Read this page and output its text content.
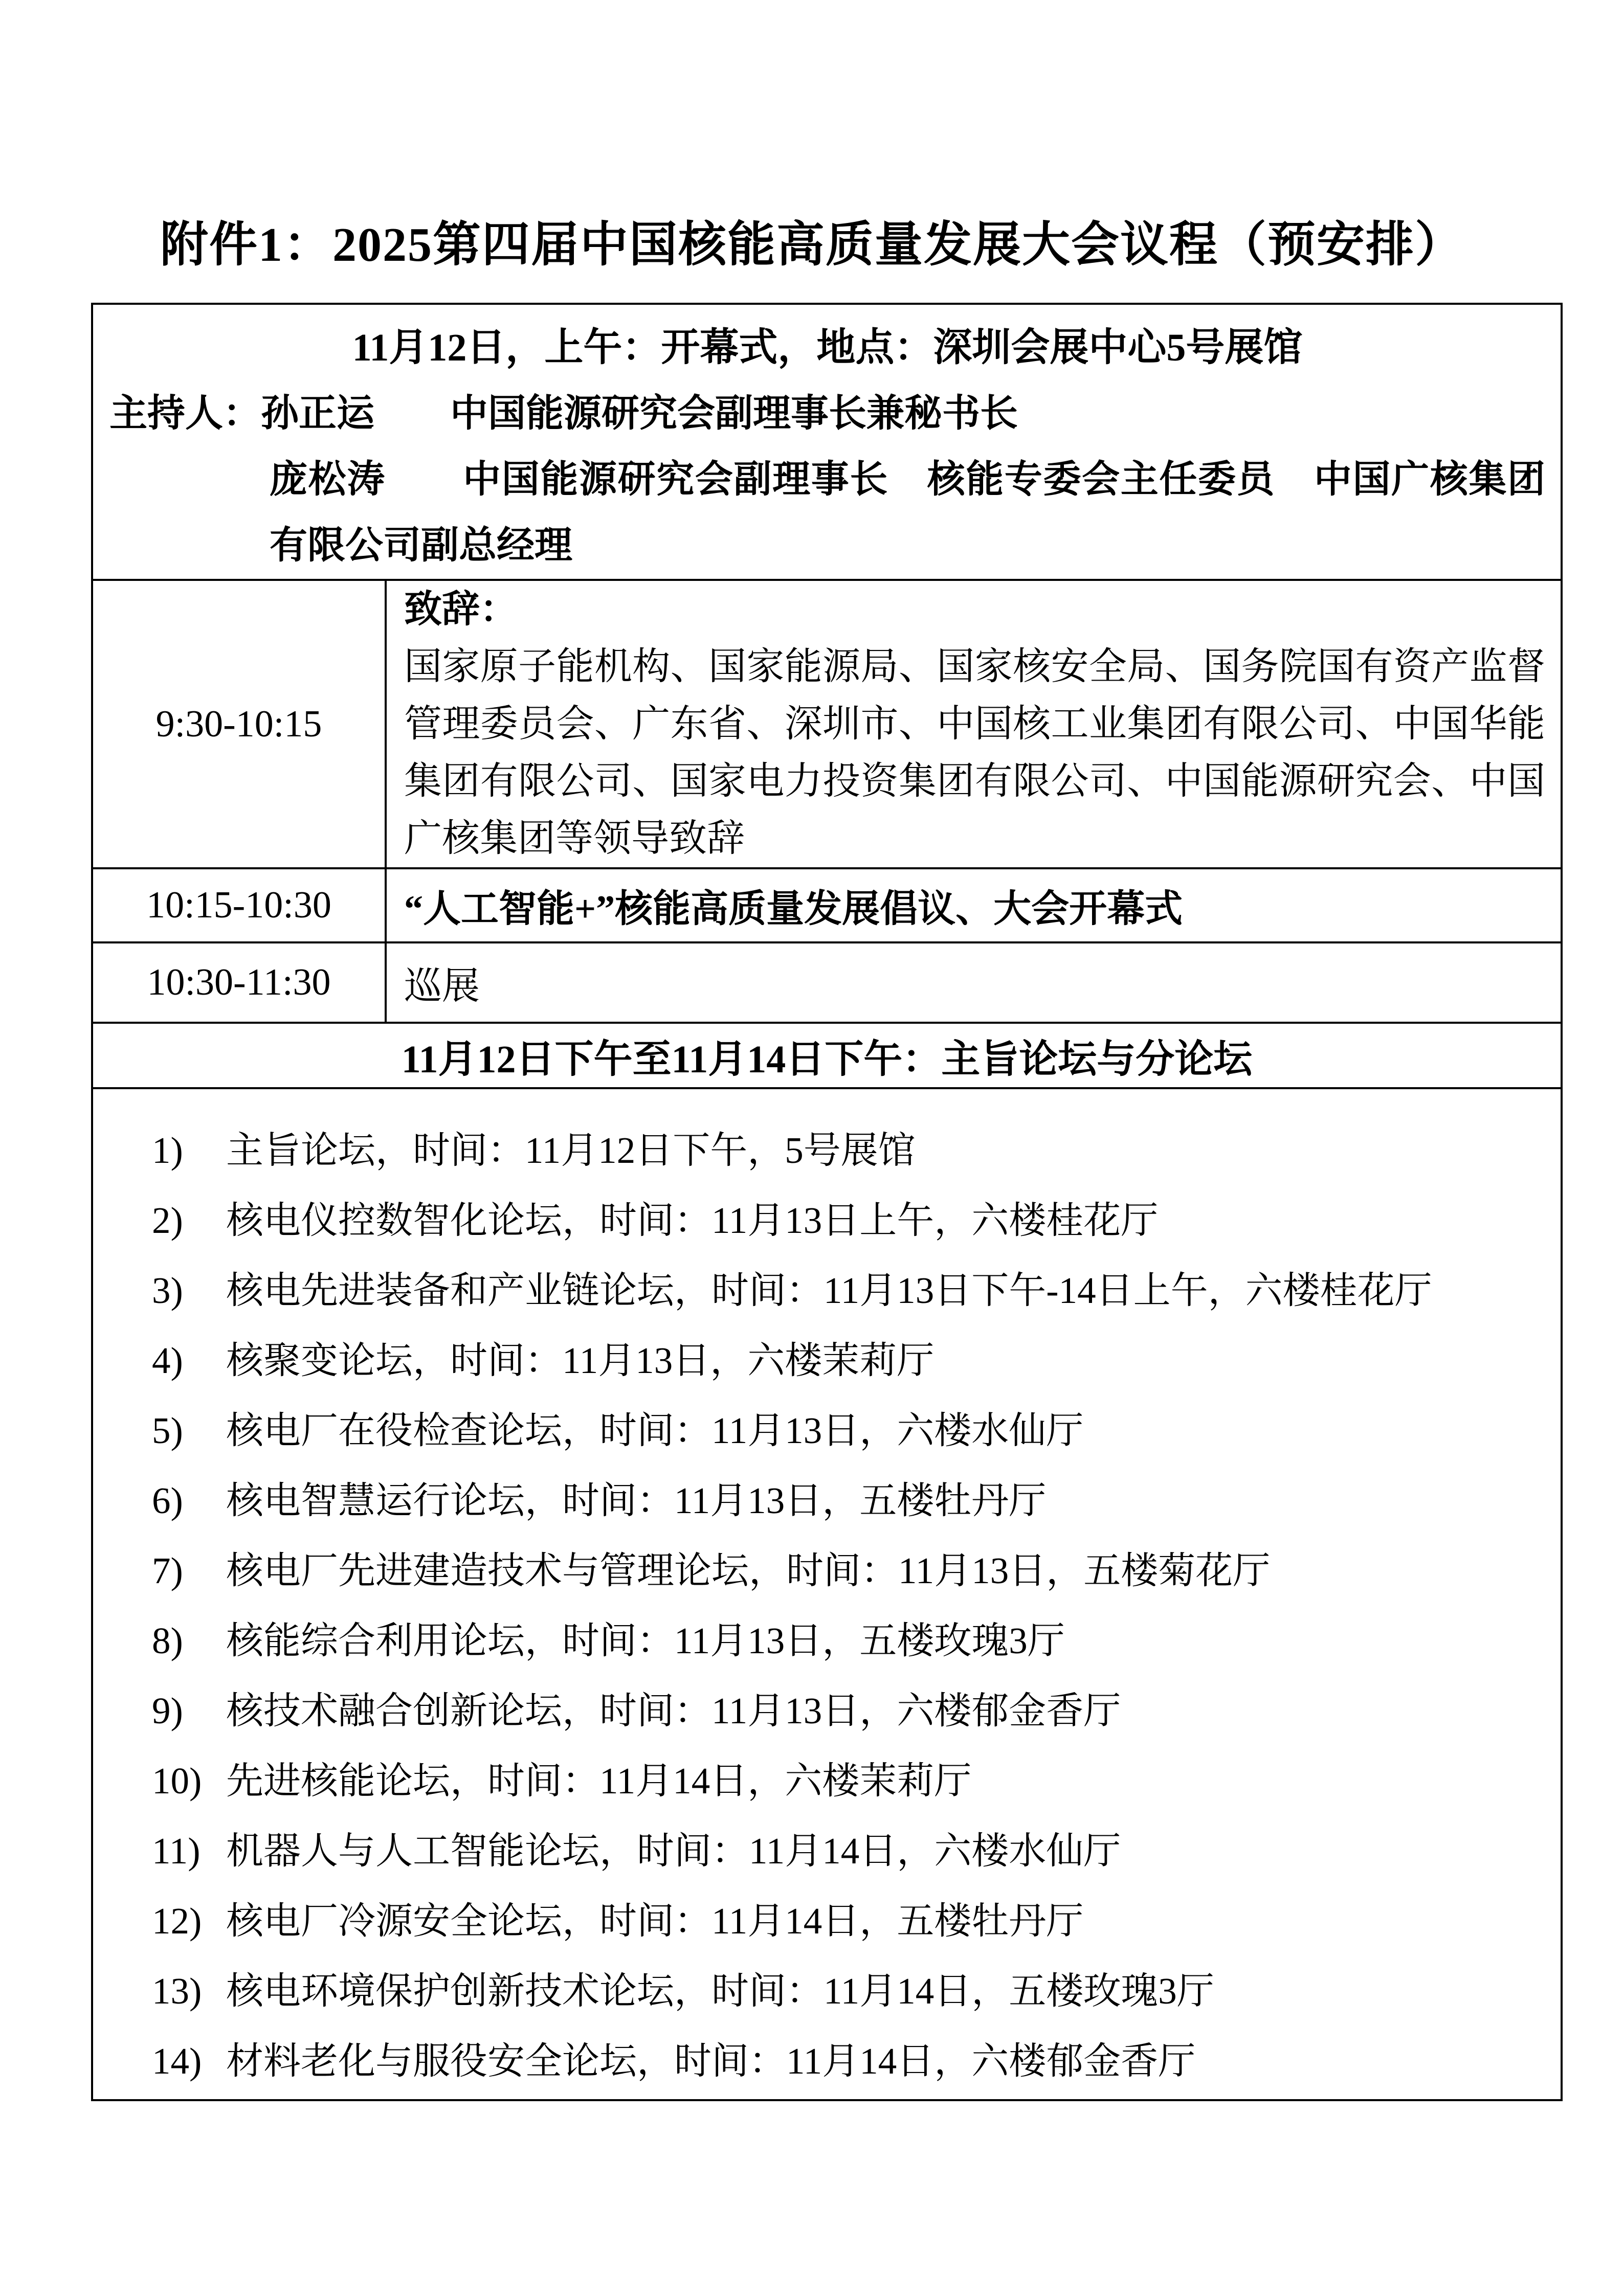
附件1：2025第四届中国核能高质量发展大会议程（预安排）
11月12日，上午：开幕式，地点：深圳会展中心5号展馆
主持人：孙正运　　中国能源研究会副理事长兼秘书长
庞松涛　　中国能源研究会副理事长　核能专委会主任委员　中国广核集团有限公司副总经理	

9:30-10:15	致辞：
国家原子能机构、国家能源局、国家核安全局、国务院国有资产监督管理委员会、广东省、深圳市、中国核工业集团有限公司、中国华能集团有限公司、国家电力投资集团有限公司、中国能源研究会、中国广核集团等领导致辞

10:15-10:30	“人工智能+”核能高质量发展倡议、大会开幕式
10:30-11:30	巡展
11月12日下午至11月14日下午：主旨论坛与分论坛	

1)	主旨论坛，时间：11月12日下午，5号展馆
2)	核电仪控数智化论坛，时间：11月13日上午，六楼桂花厅
3)	核电先进装备和产业链论坛，时间：11月13日下午-14日上午，六楼桂花厅
4)	核聚变论坛，时间：11月13日，六楼茉莉厅
5)	核电厂在役检查论坛，时间：11月13日，六楼水仙厅
6)	核电智慧运行论坛，时间：11月13日，五楼牡丹厅
7)	核电厂先进建造技术与管理论坛，时间：11月13日，五楼菊花厅
8)	核能综合利用论坛，时间：11月13日，五楼玫瑰3厅
9)	核技术融合创新论坛，时间：11月13日，六楼郁金香厅
10) 先进核能论坛，时间：11月14日，六楼茉莉厅
11) 机器人与人工智能论坛，时间：11月14日，六楼水仙厅
12) 核电厂冷源安全论坛，时间：11月14日，五楼牡丹厅
13) 核电环境保护创新技术论坛，时间：11月14日，五楼玫瑰3厅
14) 材料老化与服役安全论坛，时间：11月14日，六楼郁金香厅
